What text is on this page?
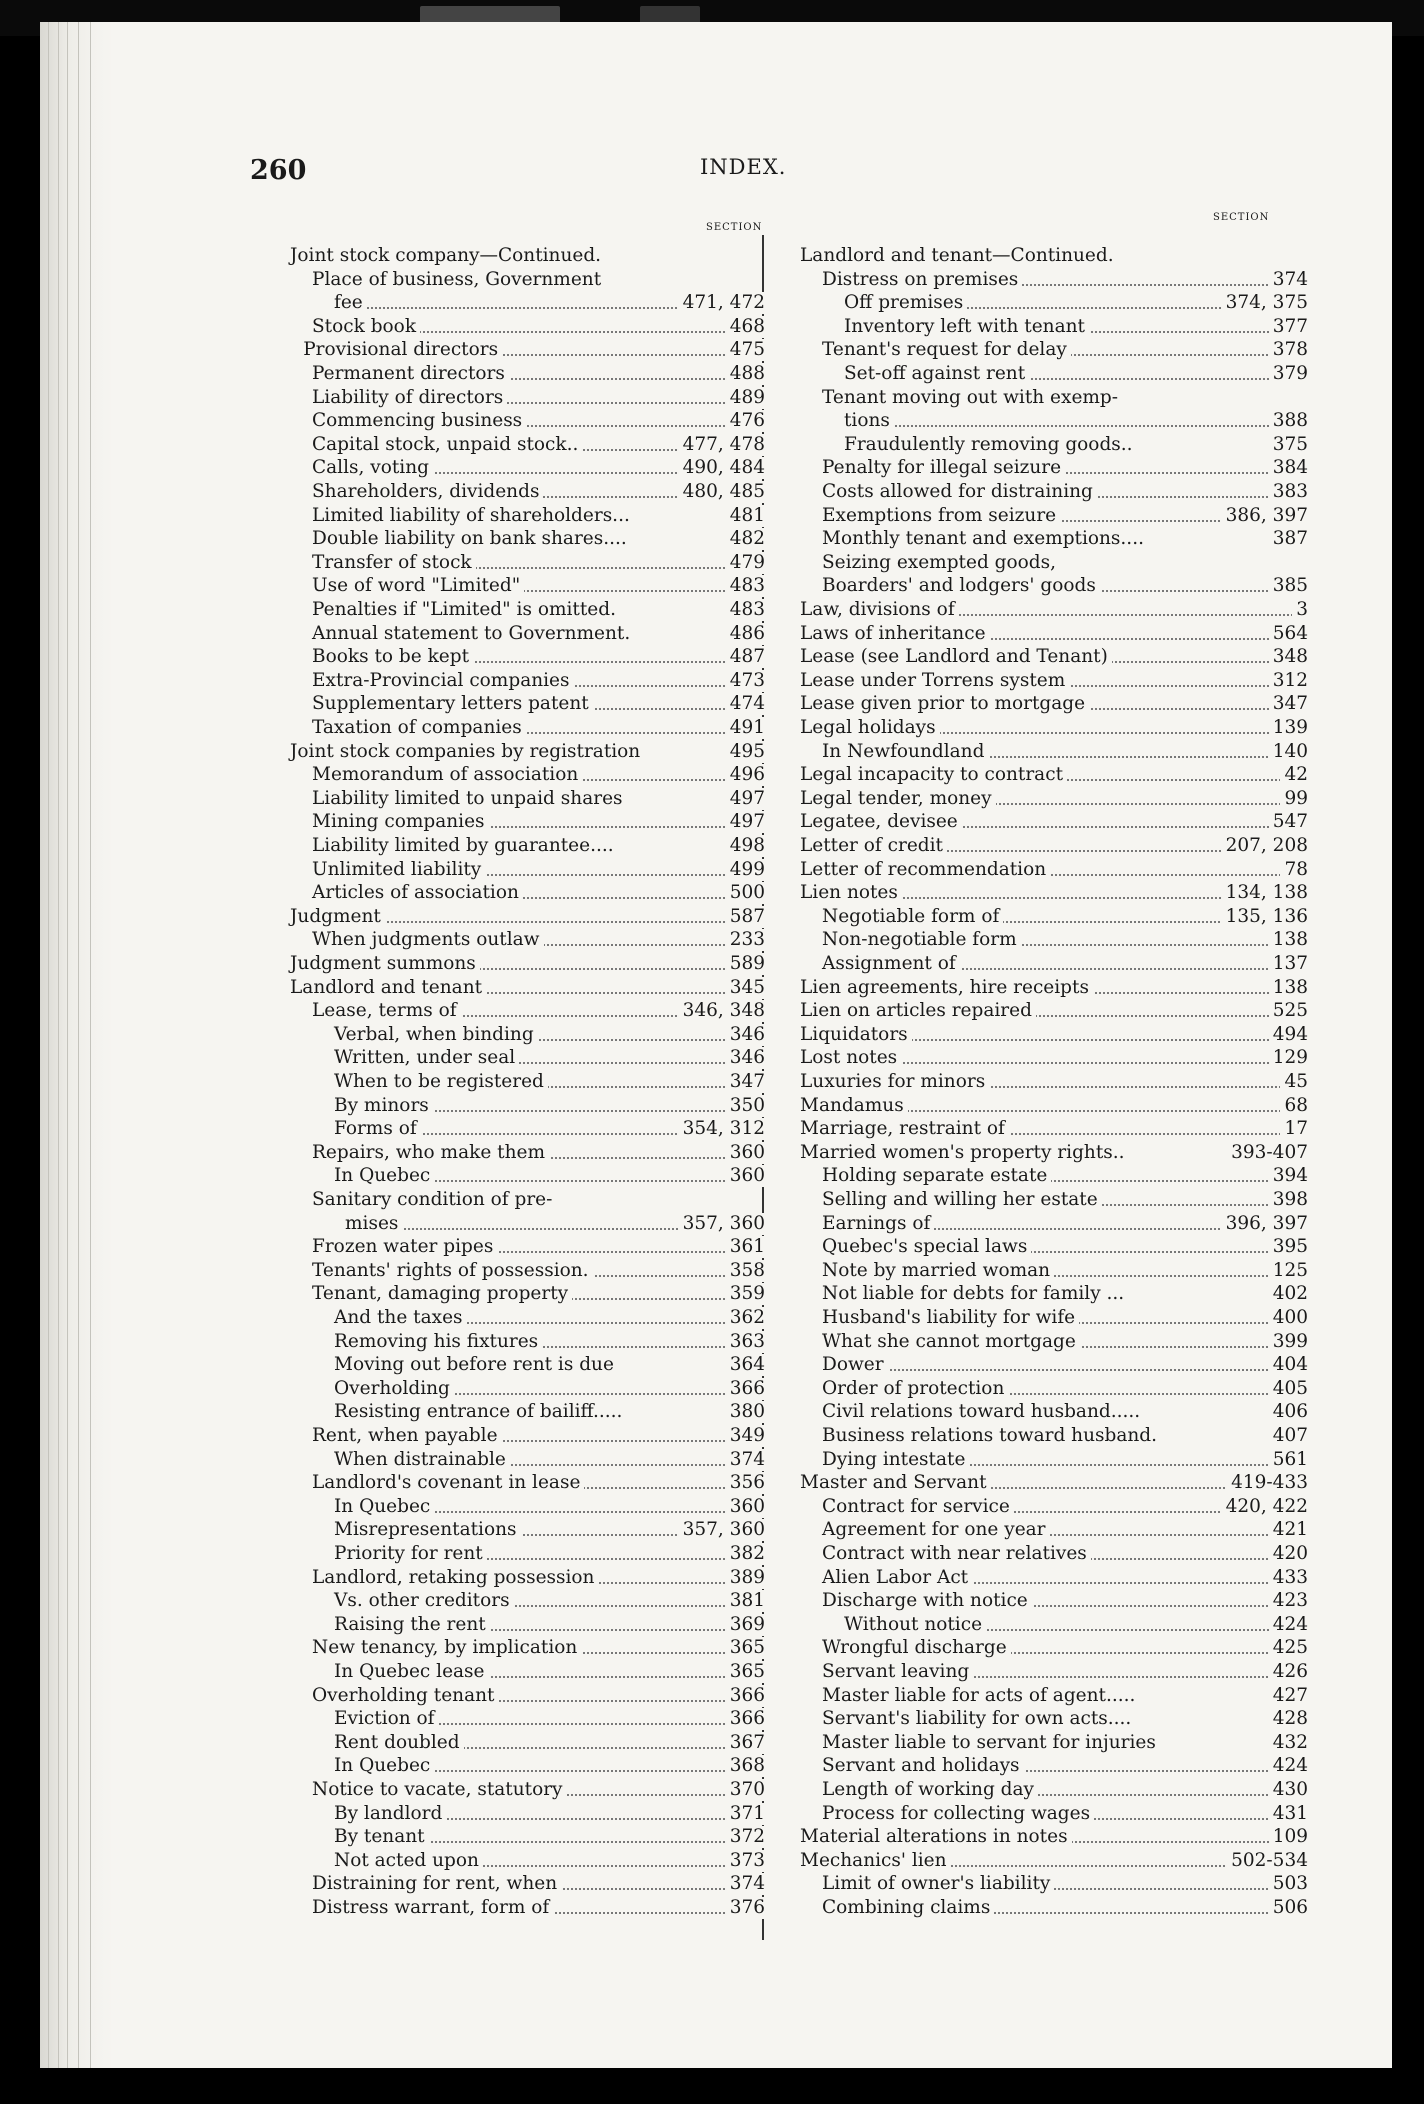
260	INDEX.
SECTION
SECTION
Joint stock company—Continued.
Place of business, Government
fee	471, 472
Stock book	468
Provisional directors	475
Permanent directors	488
Liability of directors	489
Commencing business	476
Capital stock, unpaid stock..	477, 478
Calls, voting	490, 484
Shareholders, dividends	480, 485
Limited liability of shareholders...	481
Double liability on bank shares....	482
Transfer of stock	479
Use of word "Limited"	483
Penalties if "Limited" is omitted.	483
Annual statement to Government.	486
Books to be kept	487
Extra-Provincial companies	473
Supplementary letters patent	474
Taxation of companies	491
Joint stock companies by registration	495
Memorandum of association	496
Liability limited to unpaid shares	497
Mining companies	497
Liability limited by guarantee....	498
Unlimited liability	499
Articles of association	500
Judgment	587
When judgments outlaw	233
Judgment summons	589
Landlord and tenant	345
Lease, terms of	346, 348
Verbal, when binding	346
Written, under seal	346
When to be registered	347
By minors	350
Forms of	354, 312
Repairs, who make them	360
In Quebec	360
Sanitary condition of pre-
mises	357, 360
Frozen water pipes	361
Tenants' rights of possession.	358
Tenant, damaging property	359
And the taxes	362
Removing his fixtures	363
Moving out before rent is due	364
Overholding	366
Resisting entrance of bailiff.....	380
Rent, when payable	349
When distrainable	374
Landlord's covenant in lease	356
In Quebec	360
Misrepresentations	357, 360
Priority for rent	382
Landlord, retaking possession	389
Vs. other creditors	381
Raising the rent	369
New tenancy, by implication	365
In Quebec lease	365
Overholding tenant	366
Eviction of	366
Rent doubled	367
In Quebec	368
Notice to vacate, statutory	370
By landlord	371
By tenant	372
Not acted upon	373
Distraining for rent, when	374
Distress warrant, form of	376
Landlord and tenant—Continued.
Distress on premises	374
Off premises	374, 375
Inventory left with tenant	377
Tenant's request for delay	378
Set-off against rent	379
Tenant moving out with exemp-
tions	388
Fraudulently removing goods..	375
Penalty for illegal seizure	384
Costs allowed for distraining	383
Exemptions from seizure	386, 397
Monthly tenant and exemptions....	387
Seizing exempted goods,
Boarders' and lodgers' goods	385
Law, divisions of	3
Laws of inheritance	564
Lease (see Landlord and Tenant)	348
Lease under Torrens system	312
Lease given prior to mortgage	347
Legal holidays	139
In Newfoundland	140
Legal incapacity to contract	42
Legal tender, money	99
Legatee, devisee	547
Letter of credit	207, 208
Letter of recommendation	78
Lien notes	134, 138
Negotiable form of	135, 136
Non-negotiable form	138
Assignment of	137
Lien agreements, hire receipts	138
Lien on articles repaired	525
Liquidators	494
Lost notes	129
Luxuries for minors	45
Mandamus	68
Marriage, restraint of	17
Married women's property rights..	393-407
Holding separate estate	394
Selling and willing her estate	398
Earnings of	396, 397
Quebec's special laws	395
Note by married woman	125
Not liable for debts for family ...	402
Husband's liability for wife	400
What she cannot mortgage	399
Dower	404
Order of protection	405
Civil relations toward husband.....	406
Business relations toward husband.	407
Dying intestate	561
Master and Servant	419-433
Contract for service	420, 422
Agreement for one year	421
Contract with near relatives	420
Alien Labor Act	433
Discharge with notice	423
Without notice	424
Wrongful discharge	425
Servant leaving	426
Master liable for acts of agent.....	427
Servant's liability for own acts....	428
Master liable to servant for injuries	432
Servant and holidays	424
Length of working day	430
Process for collecting wages	431
Material alterations in notes	109
Mechanics' lien	502-534
Limit of owner's liability	503
Combining claims	506
